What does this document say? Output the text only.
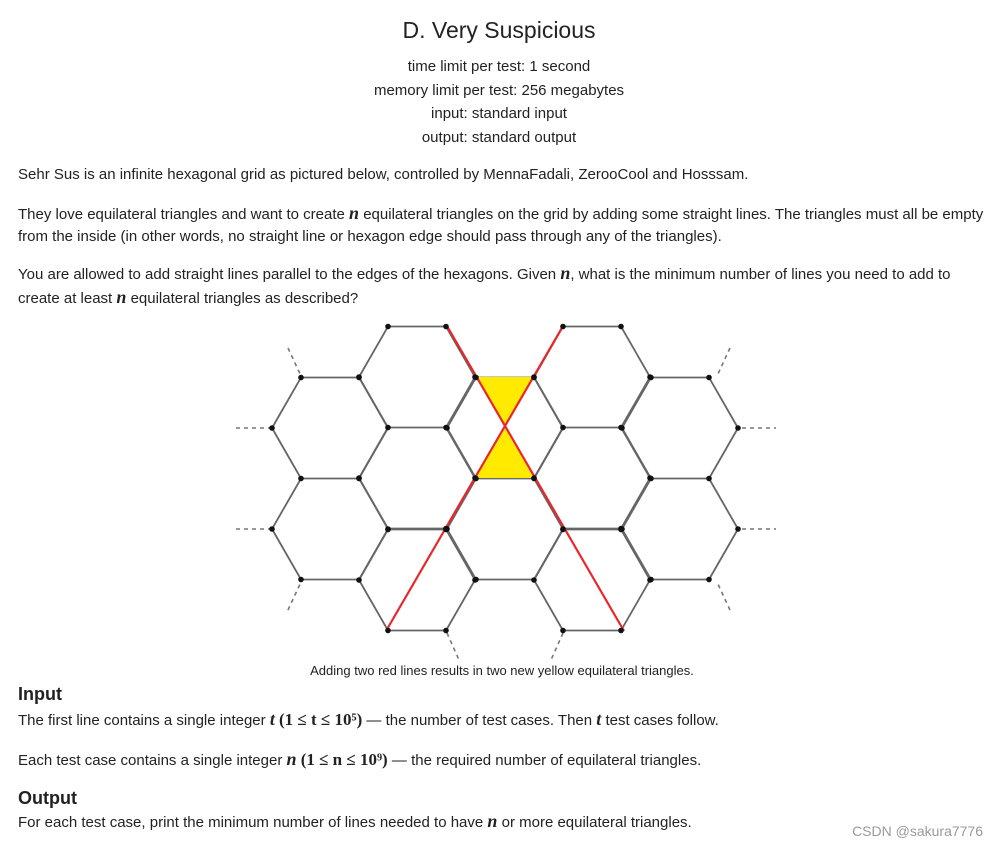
D. Very Suspicious
time limit per test: 1 second
memory limit per test: 256 megabytes
input: standard input
output: standard output
Sehr Sus is an infinite hexagonal grid as pictured below, controlled by MennaFadali, ZerooCool and Hosssam.
They love equilateral triangles and want to create n equilateral triangles on the grid by adding some straight lines. The triangles must all be empty from the inside (in other words, no straight line or hexagon edge should pass through any of the triangles).
You are allowed to add straight lines parallel to the edges of the hexagons. Given n, what is the minimum number of lines you need to add to create at least n equilateral triangles as described?
Adding two red lines results in two new yellow equilateral triangles.
Input
The first line contains a single integer t (1 ≤ t ≤ 10⁵) — the number of test cases. Then t test cases follow.
Each test case contains a single integer n (1 ≤ n ≤ 10⁹) — the required number of equilateral triangles.
Output
For each test case, print the minimum number of lines needed to have n or more equilateral triangles.	CSDN @sakura7776
